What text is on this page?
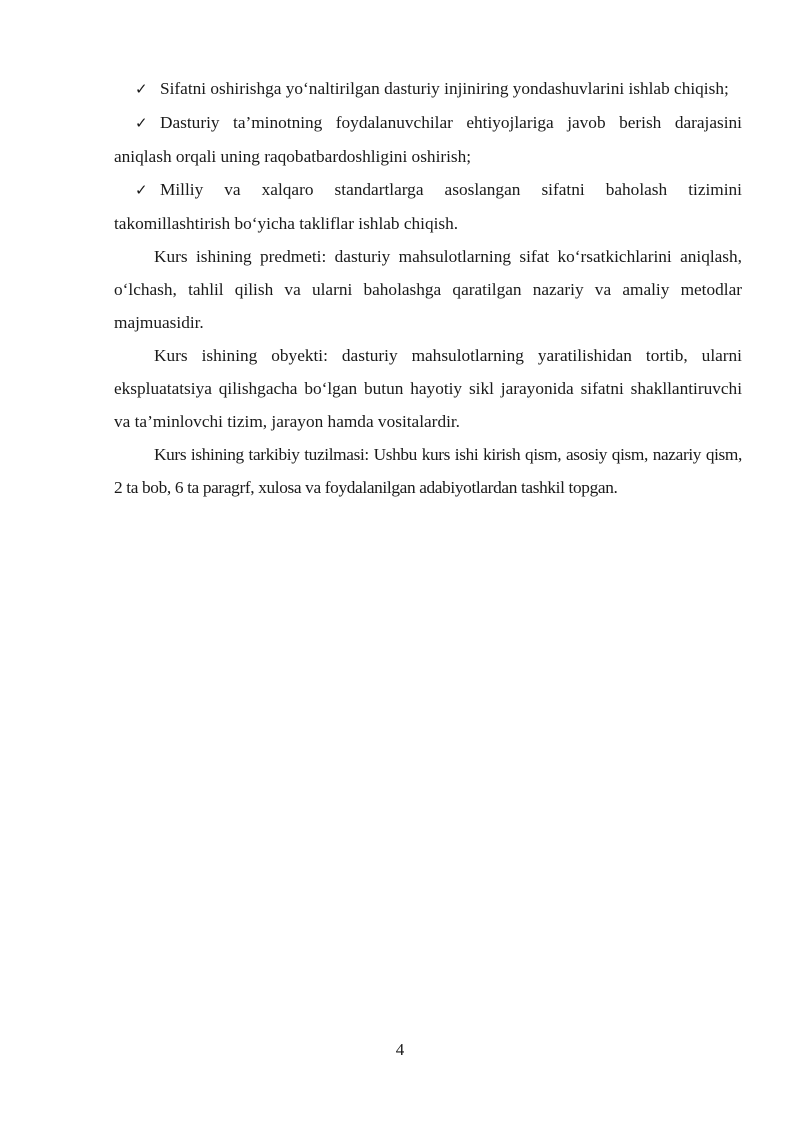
✓ Sifatni oshirishga yo‘naltirilgan dasturiy injiniring yondashuvlarini ishlab chiqish;

✓ Dasturiy ta’minotning foydalanuvchilar ehtiyojlariga javob berish darajasini aniqlash orqali uning raqobatbardoshligini oshirish;

✓ Milliy va xalqaro standartlarga asoslangan sifatni baholash tizimini takomillashtirish bo‘yicha takliflar ishlab chiqish.

Kurs ishining predmeti: dasturiy mahsulotlarning sifat ko‘rsatkichlarini aniqlash, o‘lchash, tahlil qilish va ularni baholashga qaratilgan nazariy va amaliy metodlar majmuasidir.

Kurs ishining obyekti: dasturiy mahsulotlarning yaratilishidan tortib, ularni ekspluatatsiya qilishgacha bo‘lgan butun hayotiy sikl jarayonida sifatni shakllantiruvchi va ta’minlovchi tizim, jarayon hamda vositalardir.

Kurs ishining tarkibiy tuzilmasi: Ushbu kurs ishi kirish qism, asosiy qism, nazariy qism, 2 ta bob, 6 ta paragrf, xulosa va foydalanilgan adabiyotlardan tashkil topgan.

4
